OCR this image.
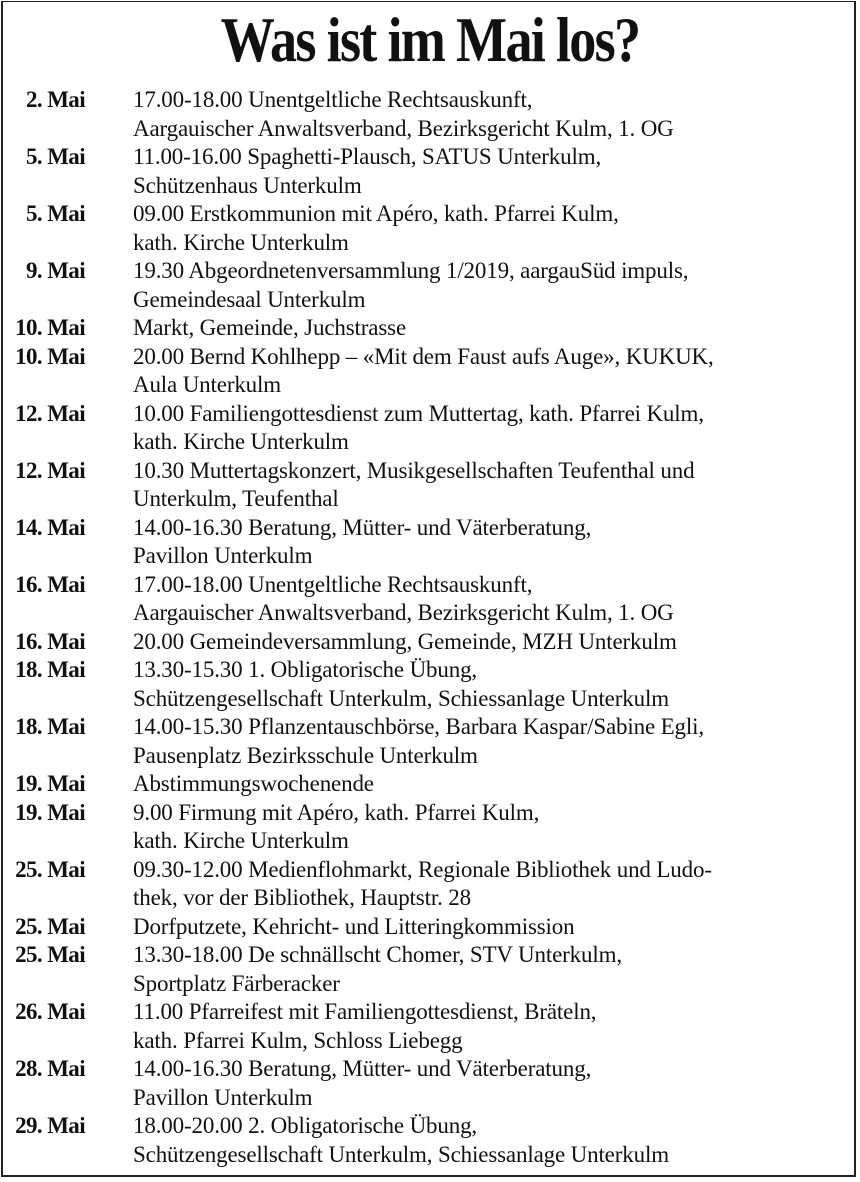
Was ist im Mai los?
2. Mai 17.00-18.00 Unentgeltliche Rechtsauskunft,
Aargauischer Anwaltsverband, Bezirksgericht Kulm, 1. OG
5. Mai 11.00-16.00 Spaghetti-Plausch, SATUS Unterkulm,
Schützenhaus Unterkulm
5. Mai 09.00 Erstkommunion mit Apéro, kath. Pfarrei Kulm,
kath. Kirche Unterkulm
9. Mai 19.30 Abgeordnetenversammlung 1/2019, aargauSüd impuls,
Gemeindesaal Unterkulm
10. Mai Markt, Gemeinde, Juchstrasse
10. Mai 20.00 Bernd Kohlhepp – «Mit dem Faust aufs Auge», KUKUK,
Aula Unterkulm
12. Mai 10.00 Familiengottesdienst zum Muttertag, kath. Pfarrei Kulm,
kath. Kirche Unterkulm
12. Mai 10.30 Muttertagskonzert, Musikgesellschaften Teufenthal und
Unterkulm, Teufenthal
14. Mai 14.00-16.30 Beratung, Mütter- und Väterberatung,
Pavillon Unterkulm
16. Mai 17.00-18.00 Unentgeltliche Rechtsauskunft,
Aargauischer Anwaltsverband, Bezirksgericht Kulm, 1. OG
16. Mai 20.00 Gemeindeversammlung, Gemeinde, MZH Unterkulm
18. Mai 13.30-15.30 1. Obligatorische Übung,
Schützengesellschaft Unterkulm, Schiessanlage Unterkulm
18. Mai 14.00-15.30 Pflanzentauschbörse, Barbara Kaspar/Sabine Egli,
Pausenplatz Bezirksschule Unterkulm
19. Mai Abstimmungswochenende
19. Mai 9.00 Firmung mit Apéro, kath. Pfarrei Kulm,
kath. Kirche Unterkulm
25. Mai 09.30-12.00 Medienflohmarkt, Regionale Bibliothek und Ludo-
thek, vor der Bibliothek, Hauptstr. 28
25. Mai Dorfputzete, Kehricht- und Litteringkommission
25. Mai 13.30-18.00 De schnällscht Chomer, STV Unterkulm,
Sportplatz Färberacker
26. Mai 11.00 Pfarreifest mit Familiengottesdienst, Bräteln,
kath. Pfarrei Kulm, Schloss Liebegg
28. Mai 14.00-16.30 Beratung, Mütter- und Väterberatung,
Pavillon Unterkulm
29. Mai 18.00-20.00 2. Obligatorische Übung,
Schützengesellschaft Unterkulm, Schiessanlage Unterkulm
